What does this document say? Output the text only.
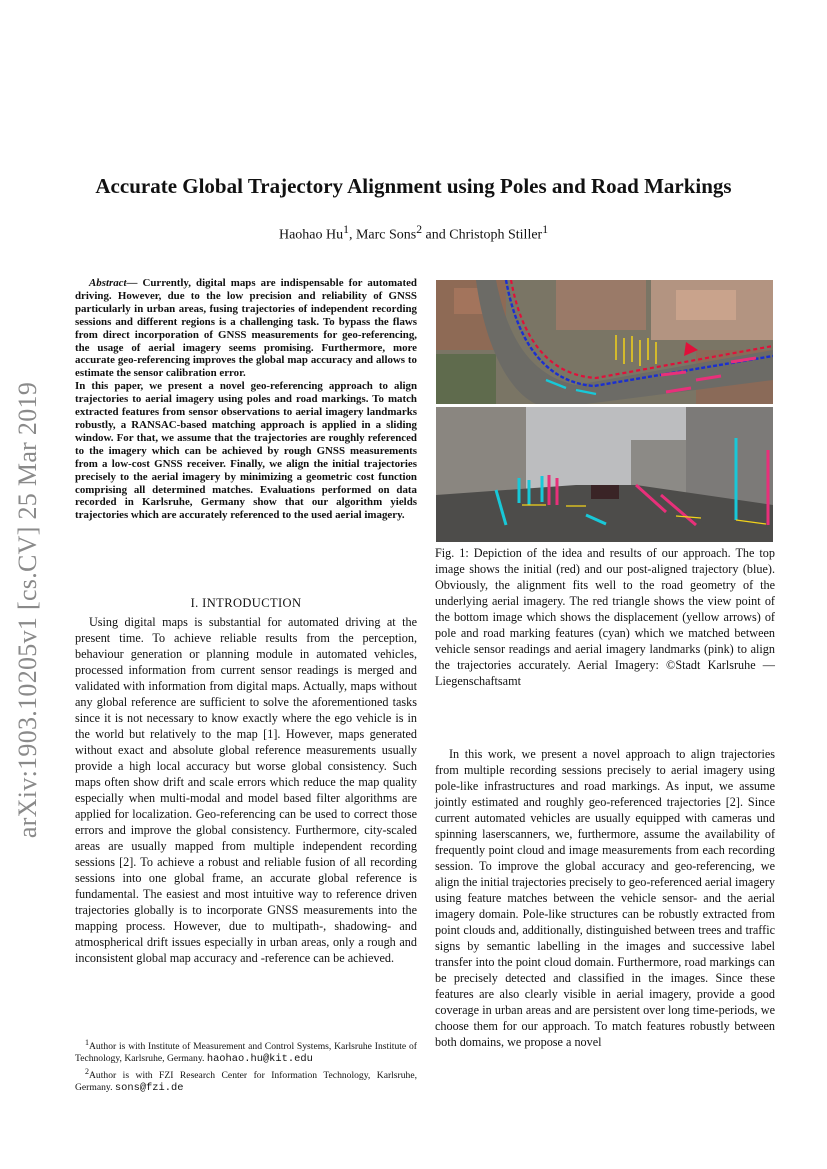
arXiv:1903.10205v1 [cs.CV] 25 Mar 2019
Accurate Global Trajectory Alignment using Poles and Road Markings
Haohao Hu$^1$, Marc Sons$^2$ and Christoph Stiller$^1$

Abstract— Currently, digital maps are indispensable for automated driving. However, due to the low precision and reliability of GNSS particularly in urban areas, fusing trajectories of independent recording sessions and different regions is a challenging task. To bypass the flaws from direct incorporation of GNSS measurements for geo-referencing, the usage of aerial imagery seems promising. Furthermore, more accurate geo-referencing improves the global map accuracy and allows to estimate the sensor calibration error.

In this paper, we present a novel geo-referencing approach to align trajectories to aerial imagery using poles and road markings. To match extracted features from sensor observations to aerial imagery landmarks robustly, a RANSAC-based matching approach is applied in a sliding window. For that, we assume that the trajectories are roughly referenced to the imagery which can be achieved by rough GNSS measurements from a low-cost GNSS receiver. Finally, we align the initial trajectories precisely to the aerial imagery by minimizing a geometric cost function comprising all determined matches. Evaluations performed on data recorded in Karlsruhe, Germany show that our algorithm yields trajectories which are accurately referenced to the used aerial imagery.

I. INTRODUCTION

Using digital maps is substantial for automated driving at the present time. To achieve reliable results from the perception, behaviour generation or planning module in automated vehicles, processed information from current sensor readings is merged and validated with information from digital maps. Actually, maps without any global reference are sufficient to solve the aforementioned tasks since it is not necessary to know exactly where the ego vehicle is in the world but relatively to the map [1]. However, maps generated without exact and absolute global reference measurements usually provide a high local accuracy but worse global consistency. Such maps often show drift and scale errors which reduce the map quality especially when multi-modal and model based filter algorithms are applied for localization. Geo-referencing can be used to correct those errors and improve the global consistency. Furthermore, city-scaled areas are usually mapped from multiple independent recording sessions [2]. To achieve a robust and reliable fusion of all recording sessions into one global frame, an accurate global reference is fundamental. The easiest and most intuitive way to reference driven trajectories globally is to incorporate GNSS measurements into the mapping process. However, due to multipath-, shadowing- and atmospherical drift issues especially in urban areas, only a rough and inconsistent global map accuracy and -reference can be achieved.

$^1$Author is with Institute of Measurement and Control Systems, Karlsruhe Institute of Technology, Karlsruhe, Germany. haohao.hu@kit.edu

$^2$Author is with FZI Research Center for Information Technology, Karlsruhe, Germany. sons@fzi.de

Fig. 1: Depiction of the idea and results of our approach. The top image shows the initial (red) and our post-aligned trajectory (blue). Obviously, the alignment fits well to the road geometry of the underlying aerial imagery. The red triangle shows the view point of the bottom image which shows the displacement (yellow arrows) of pole and road marking features (cyan) which we matched between vehicle sensor readings and aerial imagery landmarks (pink) to align the trajectories accurately. Aerial Imagery: ©Stadt Karlsruhe — Liegenschaftsamt

In this work, we present a novel approach to align trajectories from multiple recording sessions precisely to aerial imagery using pole-like infrastructures and road markings. As input, we assume jointly estimated and roughly geo-referenced trajectories [2]. Since current automated vehicles are usually equipped with cameras und spinning laserscanners, we, furthermore, assume the availability of frequently point cloud and image measurements from each recording session. To improve the global accuracy and geo-referencing, we align the initial trajectories precisely to geo-referenced aerial imagery using feature matches between the vehicle sensor- and the aerial imagery domain. Pole-like structures can be robustly extracted from point clouds and, additionally, distinguished between trees and traffic signs by semantic labelling in the images and successive label transfer into the point cloud domain. Furthermore, road markings can be precisely detected and classified in the images. Since these features are also clearly visible in aerial imagery, provide a good coverage in urban areas and are persistent over long time-periods, we choose them for our approach. To match features robustly between both domains, we propose a novel
